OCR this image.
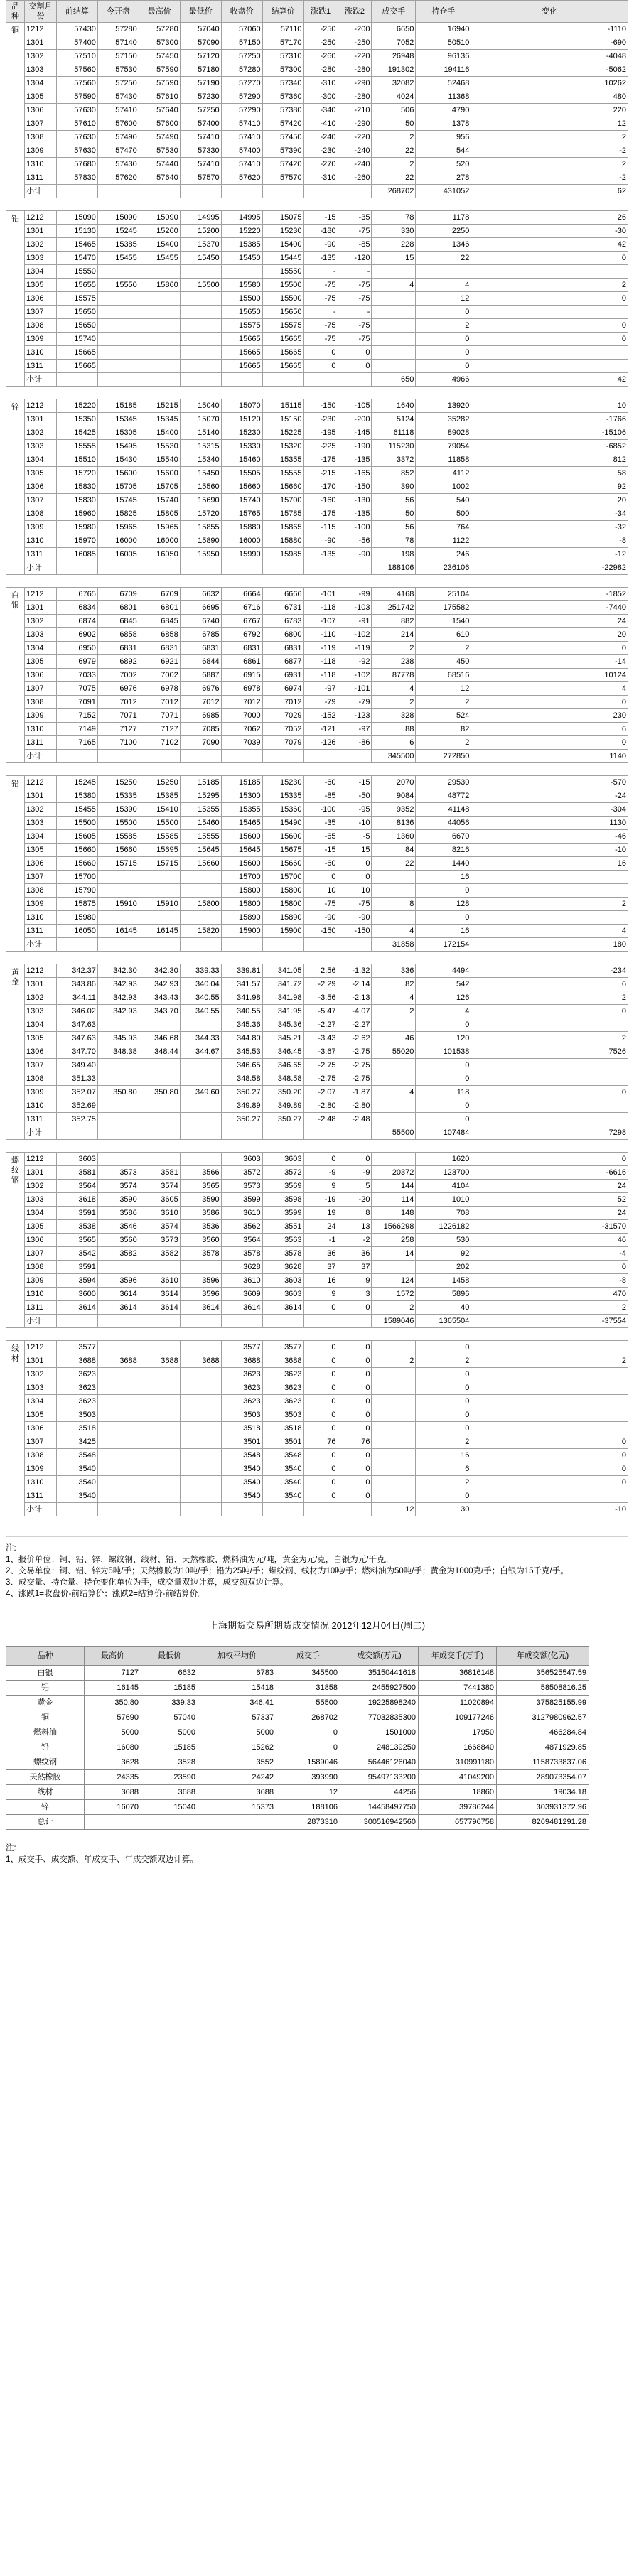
品种	交割月份	前结算	今开盘	最高价	最低价	收盘价	结算价	涨跌1	涨跌2	成交手	持仓手	变化
铜	1212	57430	57280	57280	57040	57060	57110	-250	-200	6650	16940	-1110
	1301	57400	57140	57300	57090	57150	57170	-250	-250	7052	50510	-690
	1302	57510	57150	57450	57120	57250	57310	-260	-220	26948	96136	-4048
	1303	57560	57530	57590	57180	57280	57300	-280	-280	191302	194116	-5062
	1304	57560	57250	57590	57190	57270	57340	-310	-290	32082	52468	10262
	1305	57590	57430	57610	57230	57290	57360	-300	-280	4024	11368	480
	1306	57630	57410	57640	57250	57290	57380	-340	-210	506	4790	220
	1307	57610	57600	57600	57400	57410	57420	-410	-290	50	1378	12
	1308	57630	57490	57490	57410	57410	57450	-240	-220	2	956	2
	1309	57630	57470	57530	57330	57400	57390	-230	-240	22	544	-2
	1310	57680	57430	57440	57410	57410	57420	-270	-240	2	520	2
	1311	57830	57620	57640	57570	57620	57570	-310	-260	22	278	-2
	小计									268702	431052	62

铝	1212	15090	15090	15090	14995	14995	15075	-15	-35	78	1178	26
	1301	15130	15245	15260	15200	15220	15230	-180	-75	330	2250	-30
	1302	15465	15385	15400	15370	15385	15400	-90	-85	228	1346	42
	1303	15470	15455	15455	15450	15450	15445	-135	-120	15	22	0
	1304	15550					15550	-	-			
	1305	15655	15550	15860	15500	15580	15500	-75	-75	4	4	2
	1306	15575				15500	15500	-75	-75		12	0
	1307	15650				15650	15650	-	-		0	
	1308	15650				15575	15575	-75	-75		2	0
	1309	15740				15665	15665	-75	-75		0	0
	1310	15665				15665	15665	0	0		0	
	1311	15665				15665	15665	0	0		0	
	小计									650	4966	42

锌	1212	15220	15185	15215	15040	15070	15115	-150	-105	1640	13920	10
	1301	15350	15345	15345	15070	15120	15150	-230	-200	5124	35282	-1766
	1302	15425	15305	15400	15140	15230	15225	-195	-145	61118	89028	-15106
	1303	15555	15495	15530	15315	15330	15320	-225	-190	115230	79054	-6852
	1304	15510	15430	15540	15340	15460	15355	-175	-135	3372	11858	812
	1305	15720	15600	15600	15450	15505	15555	-215	-165	852	4112	58
	1306	15830	15705	15705	15560	15660	15660	-170	-150	390	1002	92
	1307	15830	15745	15740	15690	15740	15700	-160	-130	56	540	20
	1308	15960	15825	15805	15720	15765	15785	-175	-135	50	500	-34
	1309	15980	15965	15965	15855	15880	15865	-115	-100	56	764	-32
	1310	15970	16000	16000	15890	16000	15880	-90	-56	78	1122	-8
	1311	16085	16005	16050	15950	15990	15985	-135	-90	198	246	-12
	小计									188106	236106	-22982

白银	1212	6765	6709	6709	6632	6664	6666	-101	-99	4168	25104	-1852
	1301	6834	6801	6801	6695	6716	6731	-118	-103	251742	175582	-7440
	1302	6874	6845	6845	6740	6767	6783	-107	-91	882	1540	24
	1303	6902	6858	6858	6785	6792	6800	-110	-102	214	610	20
	1304	6950	6831	6831	6831	6831	6831	-119	-119	2	2	0
	1305	6979	6892	6921	6844	6861	6877	-118	-92	238	450	-14
	1306	7033	7002	7002	6887	6915	6931	-118	-102	87778	68516	10124
	1307	7075	6976	6978	6976	6978	6974	-97	-101	4	12	4
	1308	7091	7012	7012	7012	7012	7012	-79	-79	2	2	0
	1309	7152	7071	7071	6985	7000	7029	-152	-123	328	524	230
	1310	7149	7127	7127	7085	7062	7052	-121	-97	88	82	6
	1311	7165	7100	7102	7090	7039	7079	-126	-86	6	2	0
	小计									345500	272850	1140

铅	1212	15245	15250	15250	15185	15185	15230	-60	-15	2070	29530	-570
	1301	15380	15335	15385	15295	15300	15335	-85	-50	9084	48772	-24
	1302	15455	15390	15410	15355	15355	15360	-100	-95	9352	41148	-304
	1303	15500	15500	15500	15460	15465	15490	-35	-10	8136	44056	1130
	1304	15605	15585	15585	15555	15600	15600	-65	-5	1360	6670	-46
	1305	15660	15660	15695	15645	15645	15675	-15	15	84	8216	-10
	1306	15660	15715	15715	15660	15600	15660	-60	0	22	1440	16
	1307	15700				15700	15700	0	0		16	
	1308	15790				15800	15800	10	10		0	
	1309	15875	15910	15910	15800	15800	15800	-75	-75	8	128	2
	1310	15980				15890	15890	-90	-90		0	
	1311	16050	16145	16145	15820	15900	15900	-150	-150	4	16	4
	小计									31858	172154	180

黄金	1212	342.37	342.30	342.30	339.33	339.81	341.05	2.56	-1.32	336	4494	-234
	1301	343.86	342.93	342.93	340.04	341.57	341.72	-2.29	-2.14	82	542	6
	1302	344.11	342.93	343.43	340.55	341.98	341.98	-3.56	-2.13	4	126	2
	1303	346.02	342.93	343.70	340.55	340.55	341.95	-5.47	-4.07	2	4	0
	1304	347.63				345.36	345.36	-2.27	-2.27		0	
	1305	347.63	345.93	346.68	344.33	344.80	345.21	-3.43	-2.62	46	120	2
	1306	347.70	348.38	348.44	344.67	345.53	346.45	-3.67	-2.75	55020	101538	7526
	1307	349.40				346.65	346.65	-2.75	-2.75		0	
	1308	351.33				348.58	348.58	-2.75	-2.75		0	
	1309	352.07	350.80	350.80	349.60	350.27	350.20	-2.07	-1.87	4	118	0
	1310	352.69				349.89	349.89	-2.80	-2.80		0	
	1311	352.75				350.27	350.27	-2.48	-2.48		0	
	小计									55500	107484	7298

螺纹钢	1212	3603				3603	3603	0	0		1620	0
	1301	3581	3573	3581	3566	3572	3572	-9	-9	20372	123700	-6616
	1302	3564	3574	3574	3565	3573	3569	9	5	144	4104	24
	1303	3618	3590	3605	3590	3599	3598	-19	-20	114	1010	52
	1304	3591	3586	3610	3586	3610	3599	19	8	148	708	24
	1305	3538	3546	3574	3536	3562	3551	24	13	1566298	1226182	-31570
	1306	3565	3560	3573	3560	3564	3563	-1	-2	258	530	46
	1307	3542	3582	3582	3578	3578	3578	36	36	14	92	-4
	1308	3591				3628	3628	37	37		202	0
	1309	3594	3596	3610	3596	3610	3603	16	9	124	1458	-8
	1310	3600	3614	3614	3596	3609	3603	9	3	1572	5896	470
	1311	3614	3614	3614	3614	3614	3614	0	0	2	40	2
	小计									1589046	1365504	-37554

线材	1212	3577				3577	3577	0	0		0	
	1301	3688	3688	3688	3688	3688	3688	0	0	2	2	2
	1302	3623				3623	3623	0	0		0	
	1303	3623				3623	3623	0	0		0	
	1304	3623				3623	3623	0	0		0	
	1305	3503				3503	3503	0	0		0	
	1306	3518				3518	3518	0	0		0	
	1307	3425				3501	3501	76	76		2	0
	1308	3548				3548	3548	0	0		16	0
	1309	3540				3540	3540	0	0		6	0
	1310	3540				3540	3540	0	0		2	0
	1311	3540				3540	3540	0	0		0	
	小计									12	30	-10

注:

1、报价单位：铜、铝、锌、螺纹钢、线材、铅、天然橡胶、燃料油为元/吨，黄金为元/克，白银为元/千克。

2、交易单位：铜、铝、锌为5吨/手；天然橡胶为10吨/手；铅为25吨/手；螺纹钢、线材为10吨/手；燃料油为50吨/手；黄金为1000克/手；白银为15千克/手。

3、成交量、持仓量、持仓变化单位为手，成交量双边计算，成交额双边计算。

4、涨跌1=收盘价-前结算价；涨跌2=结算价-前结算价。

上海期货交易所期货成交情况 2012年12月04日(周二)
品种	最高价	最低价	加权平均价	成交手	成交额(万元)	年成交手(万手)	年成交额(亿元)
白银	7127	6632	6783	345500	35150441618	36816148	356525547.59
铝	16145	15185	15418	31858	2455927500	7441380	58508816.25
黄金	350.80	339.33	346.41	55500	19225898240	11020894	375825155.99
铜	57690	57040	57337	268702	77032835300	109177246	3127980962.57
燃料油	5000	5000	5000	0	1501000	17950	466284.84
铅	16080	15185	15262	0	248139250	1668840	4871929.85
螺纹钢	3628	3528	3552	1589046	56446126040	310991180	1158733837.06
天然橡胶	24335	23590	24242	393990	95497133200	41049200	289073354.07
线材	3688	3688	3688	12	44256	18860	19034.18
锌	16070	15040	15373	188106	14458497750	39786244	303931372.96
总计				2873310	300516942560	657796758	8269481291.28

注:

1、成交手、成交额、年成交手、年成交额双边计算。
